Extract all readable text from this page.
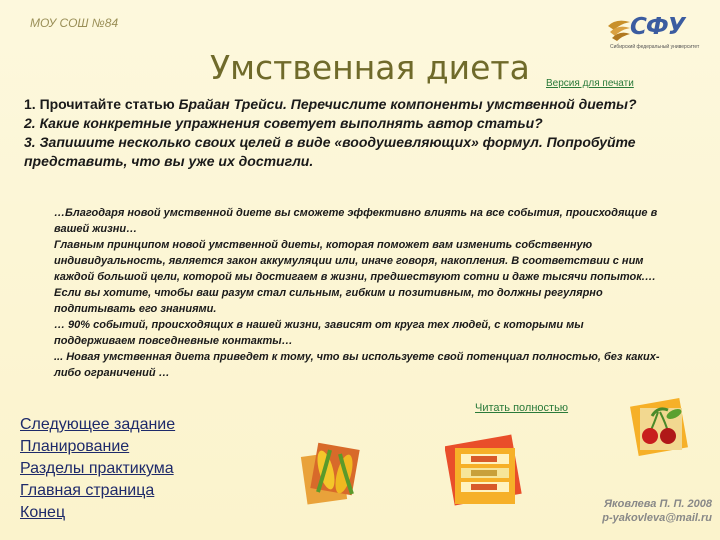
МОУ СОШ №84	СФУ
Сибирский федеральный университет
Умственная диета Версия для печати
1. Прочитайте статью Брайан Трейси. Перечислите компоненты умственной диеты?
2. Какие конкретные упражнения советует выполнять автор статьи?
3. Запишите несколько своих целей в виде «воодушевляющих» формул. Попробуйте представить, что вы уже их достигли.

…Благодаря новой умственной диете вы сможете эффективно влиять на все события, происходящие в вашей жизни…

Главным принципом новой умственной диеты, которая поможет вам изменить собственную индивидуальность, является закон аккумуляции или, иначе говоря, накопления. В соответствии с ним каждой большой цели, которой мы достигаем в жизни, предшествуют сотни и даже тысячи попыток.…

Если вы хотите, чтобы ваш разум стал сильным, гибким и позитивным, то должны регулярно подпитывать его знаниями.

… 90% событий, происходящих в нашей жизни, зависят от круга тех людей, с которыми мы поддерживаем повседневные контакты…

... Новая умственная диета приведет к тому, что вы используете свой потенциал полностью, без каких-либо ограничений …

Читать полностью
Следующее задание
Планирование
Разделы практикума
Главная страница
Конец	Яковлева П. П. 2008
p-yakovleva@mail.ru
